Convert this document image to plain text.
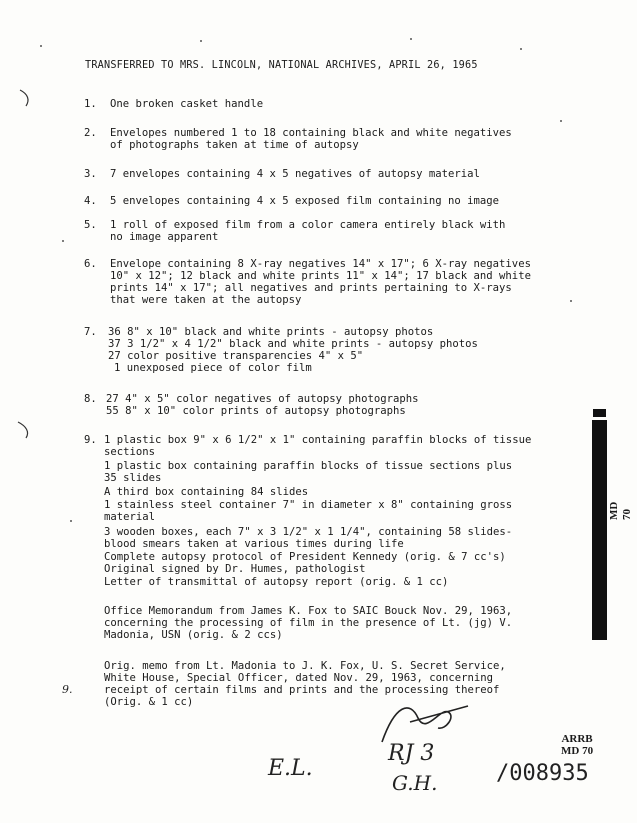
TRANSFERRED TO MRS. LINCOLN, NATIONAL ARCHIVES, APRIL 26, 1965
1. One broken casket handle
2. Envelopes numbered 1 to 18 containing black and white negatives
of photographs taken at time of autopsy
3. 7 envelopes containing 4 x 5 negatives of autopsy material
4. 5 envelopes containing 4 x 5 exposed film containing no image
5. 1 roll of exposed film from a color camera entirely black with
no image apparent
6. Envelope containing 8 X-ray negatives 14" x 17"; 6 X-ray negatives
10" x 12"; 12 black and white prints 11" x 14"; 17 black and white
prints 14" x 17"; all negatives and prints pertaining to X-rays
that were taken at the autopsy
7. 36 8" x 10" black and white prints - autopsy photos
37 3 1/2" x 4 1/2" black and white prints - autopsy photos
27 color positive transparencies 4" x 5"
1 unexposed piece of color film
8. 27 4" x 5" color negatives of autopsy photographs
55 8" x 10" color prints of autopsy photographs
9. 1 plastic box 9" x 6 1/2" x 1" containing paraffin blocks of tissue
sections
1 plastic box containing paraffin blocks of tissue sections plus
35 slides
A third box containing 84 slides
1 stainless steel container 7" in diameter x 8" containing gross
material
3 wooden boxes, each 7" x 3 1/2" x 1 1/4", containing 58 slides-
blood smears taken at various times during life
Complete autopsy protocol of President Kennedy (orig. & 7 cc's)
Original signed by Dr. Humes, pathologist
Letter of transmittal of autopsy report (orig. & 1 cc)
Office Memorandum from James K. Fox to SAIC Bouck Nov. 29, 1963,
concerning the processing of film in the presence of Lt. (jg) V.
Madonia, USN (orig. & 2 ccs)
Orig. memo from Lt. Madonia to J. K. Fox, U. S. Secret Service,
White House, Special Officer, dated Nov. 29, 1963, concerning
receipt of certain films and prints and the processing thereof
(Orig. & 1 cc)
9.
MD 70
ARRB
MD 70
E.L.
RJ 3
G.H.	/008935
